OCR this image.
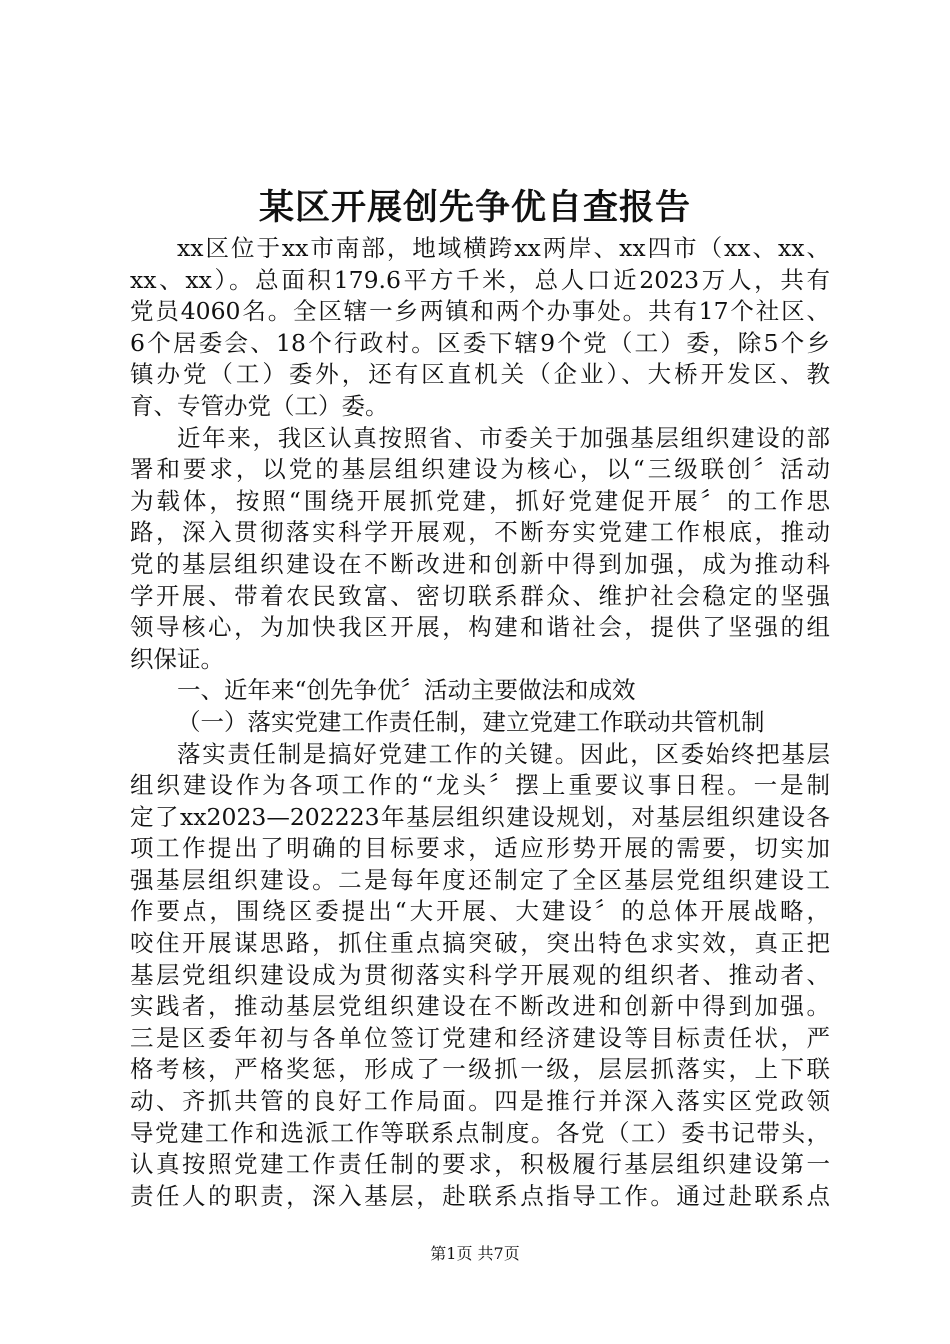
某区开展创先争优自查报告
xx区位于xx市南部，地域横跨xx两岸、xx四市（xx、xx、
xx、xx）。总面积179.6平方千米，总人口近2023万人，共有
党员4060名。全区辖一乡两镇和两个办事处。共有17个社区、
6个居委会、18个行政村。区委下辖9个党（工）委，除5个乡
镇办党（工）委外，还有区直机关（企业）、大桥开发区、教
育、专管办党（工）委。
近年来，我区认真按照省、市委关于加强基层组织建设的部
署和要求，以党的基层组织建设为核心，以“三级联创〞活动
为载体，按照“围绕开展抓党建，抓好党建促开展〞的工作思
路，深入贯彻落实科学开展观，不断夯实党建工作根底，推动
党的基层组织建设在不断改进和创新中得到加强，成为推动科
学开展、带着农民致富、密切联系群众、维护社会稳定的坚强
领导核心，为加快我区开展，构建和谐社会，提供了坚强的组
织保证。
一、近年来“创先争优〞活动主要做法和成效
（一）落实党建工作责任制，建立党建工作联动共管机制
落实责任制是搞好党建工作的关键。因此，区委始终把基层
组织建设作为各项工作的“龙头〞摆上重要议事日程。一是制
定了xx2023—202223年基层组织建设规划，对基层组织建设各
项工作提出了明确的目标要求，适应形势开展的需要，切实加
强基层组织建设。二是每年度还制定了全区基层党组织建设工
作要点，围绕区委提出“大开展、大建设〞的总体开展战略，
咬住开展谋思路，抓住重点搞突破，突出特色求实效，真正把
基层党组织建设成为贯彻落实科学开展观的组织者、推动者、
实践者，推动基层党组织建设在不断改进和创新中得到加强。
三是区委年初与各单位签订党建和经济建设等目标责任状，严
格考核，严格奖惩，形成了一级抓一级，层层抓落实，上下联
动、齐抓共管的良好工作局面。四是推行并深入落实区党政领
导党建工作和选派工作等联系点制度。各党（工）委书记带头，
认真按照党建工作责任制的要求，积极履行基层组织建设第一
责任人的职责，深入基层，赴联系点指导工作。通过赴联系点
第1页 共7页
